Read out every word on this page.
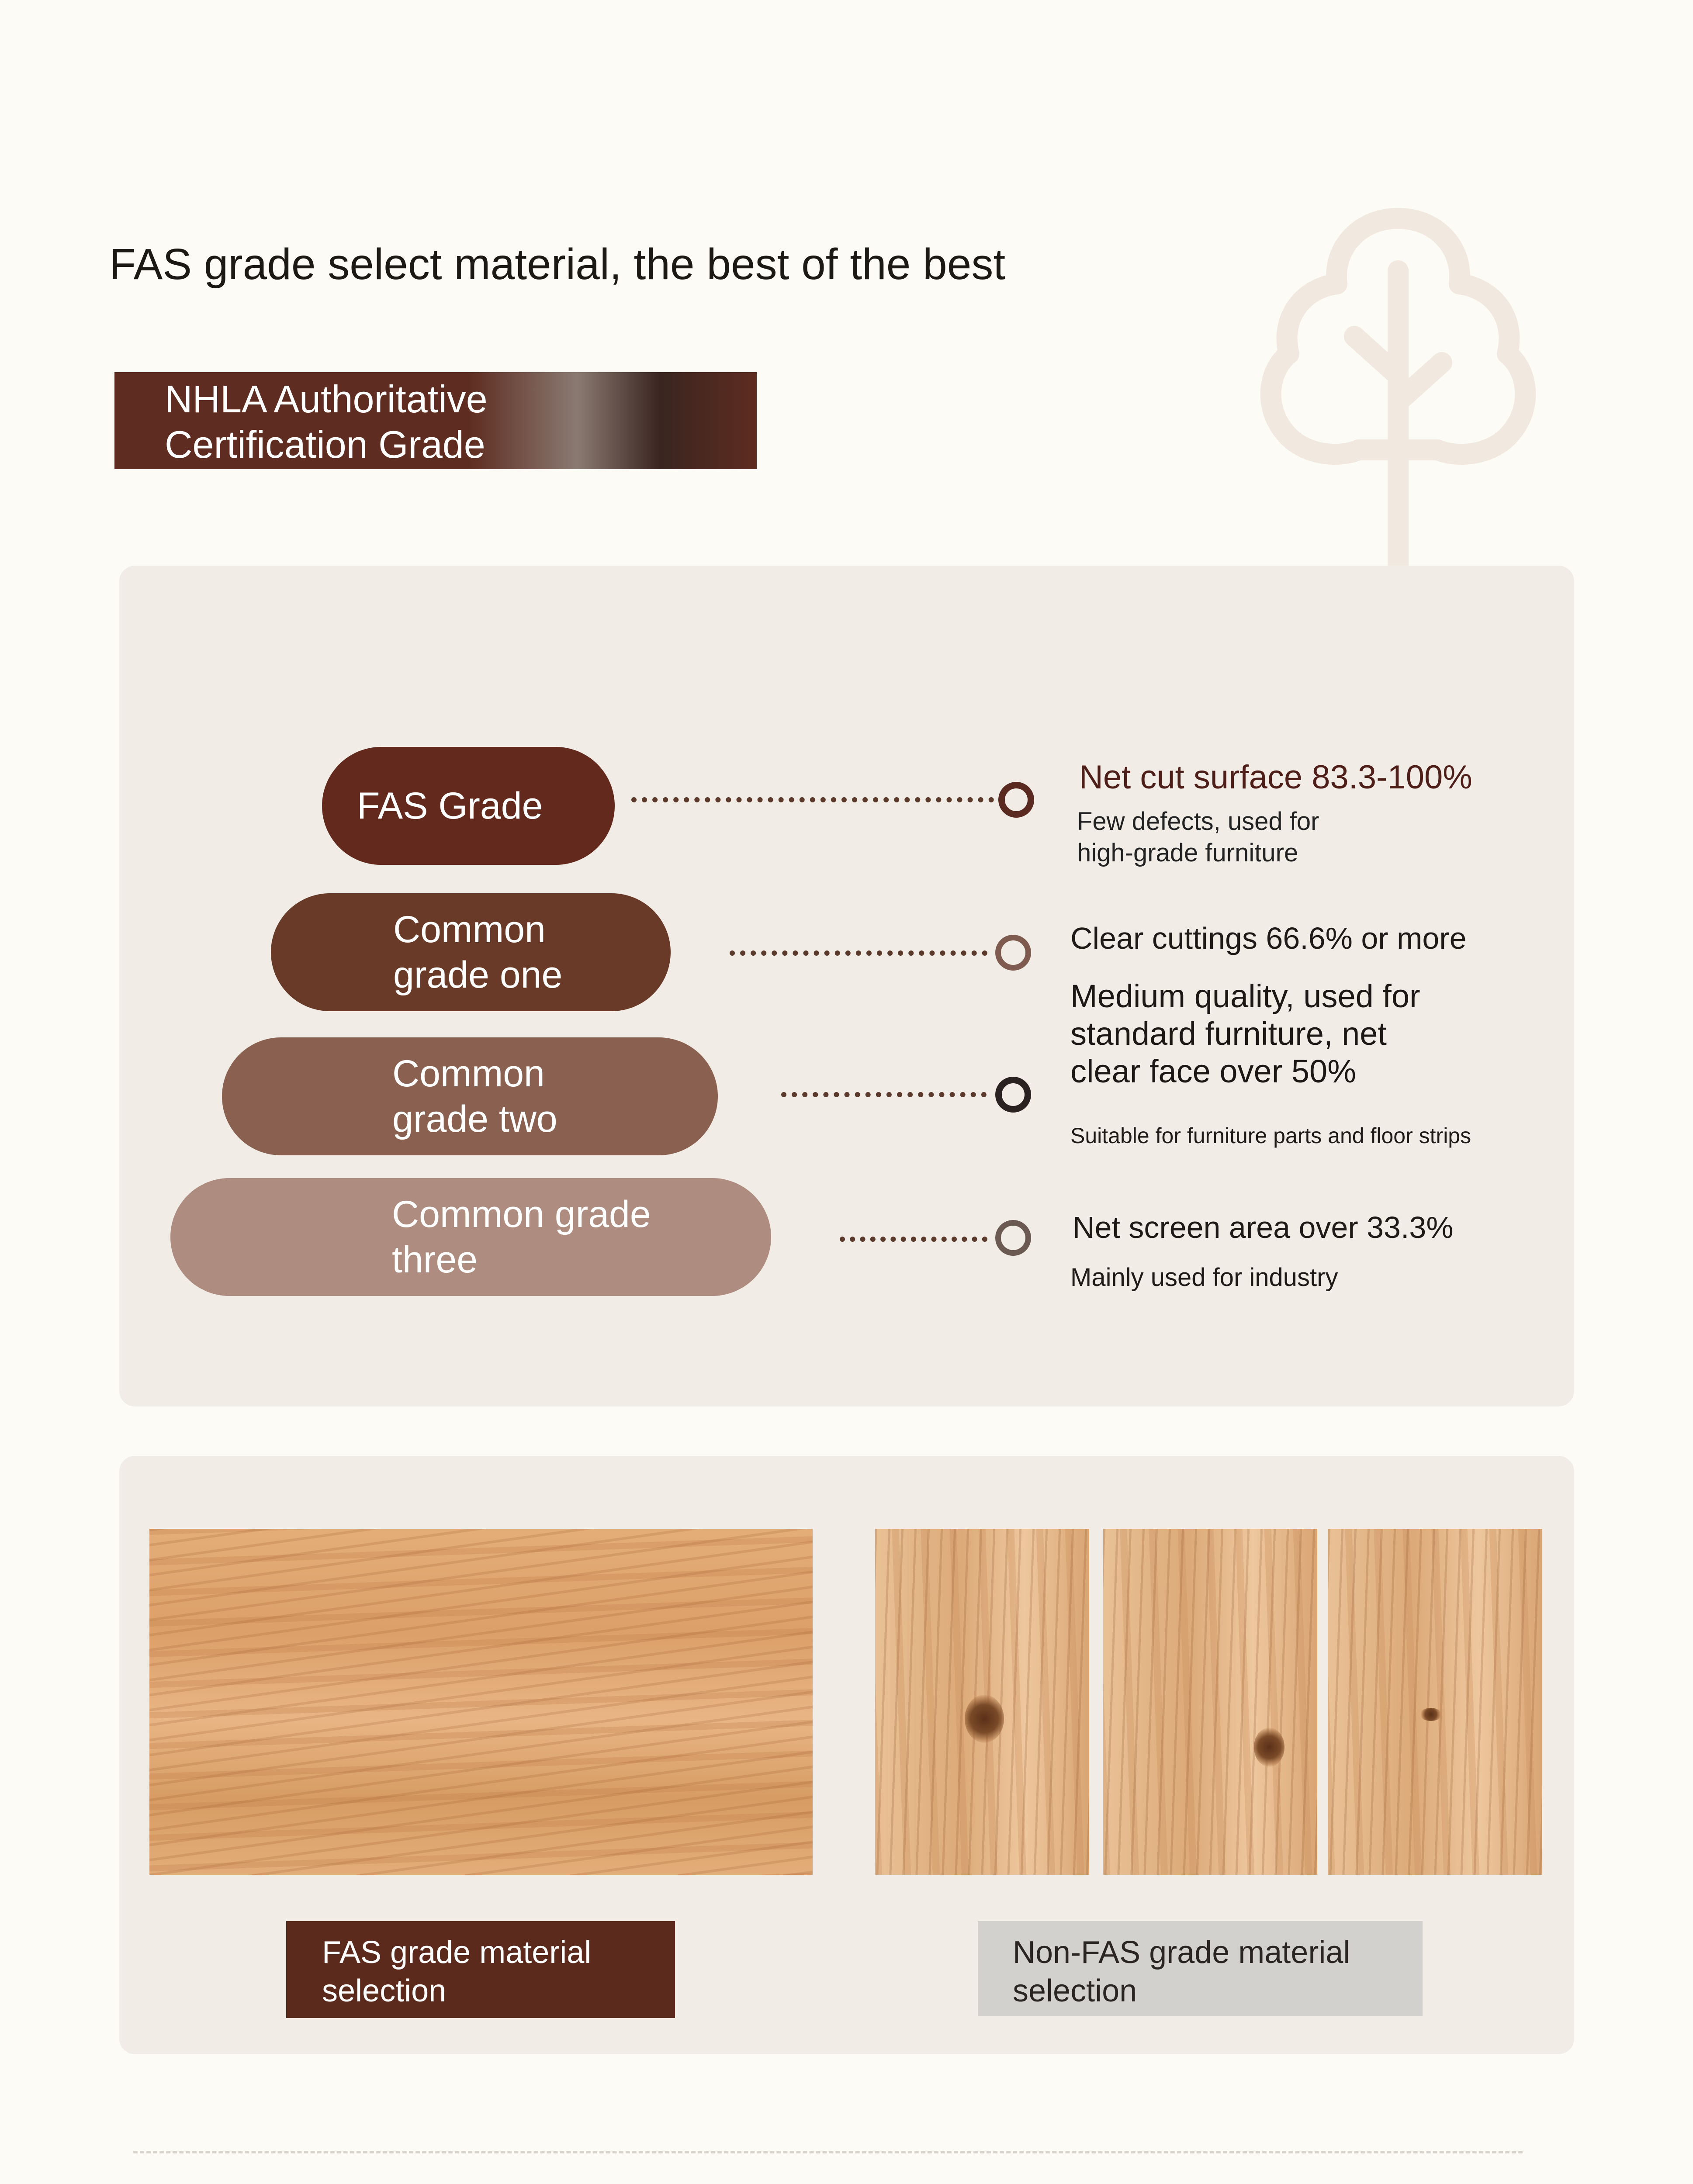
FAS grade select material, the best of the best
NHLA Authoritative
Certification Grade
FAS Grade
Common
grade one
Common
grade two
Common grade
three
Net cut surface 83.3-100%
Few defects, used for
high-grade furniture
Clear cuttings 66.6% or more
Medium quality, used for
standard furniture, net
clear face over 50%
Suitable for furniture parts and floor strips
Net screen area over 33.3%
Mainly used for industry
FAS grade material
selection
Non-FAS grade material
selection
